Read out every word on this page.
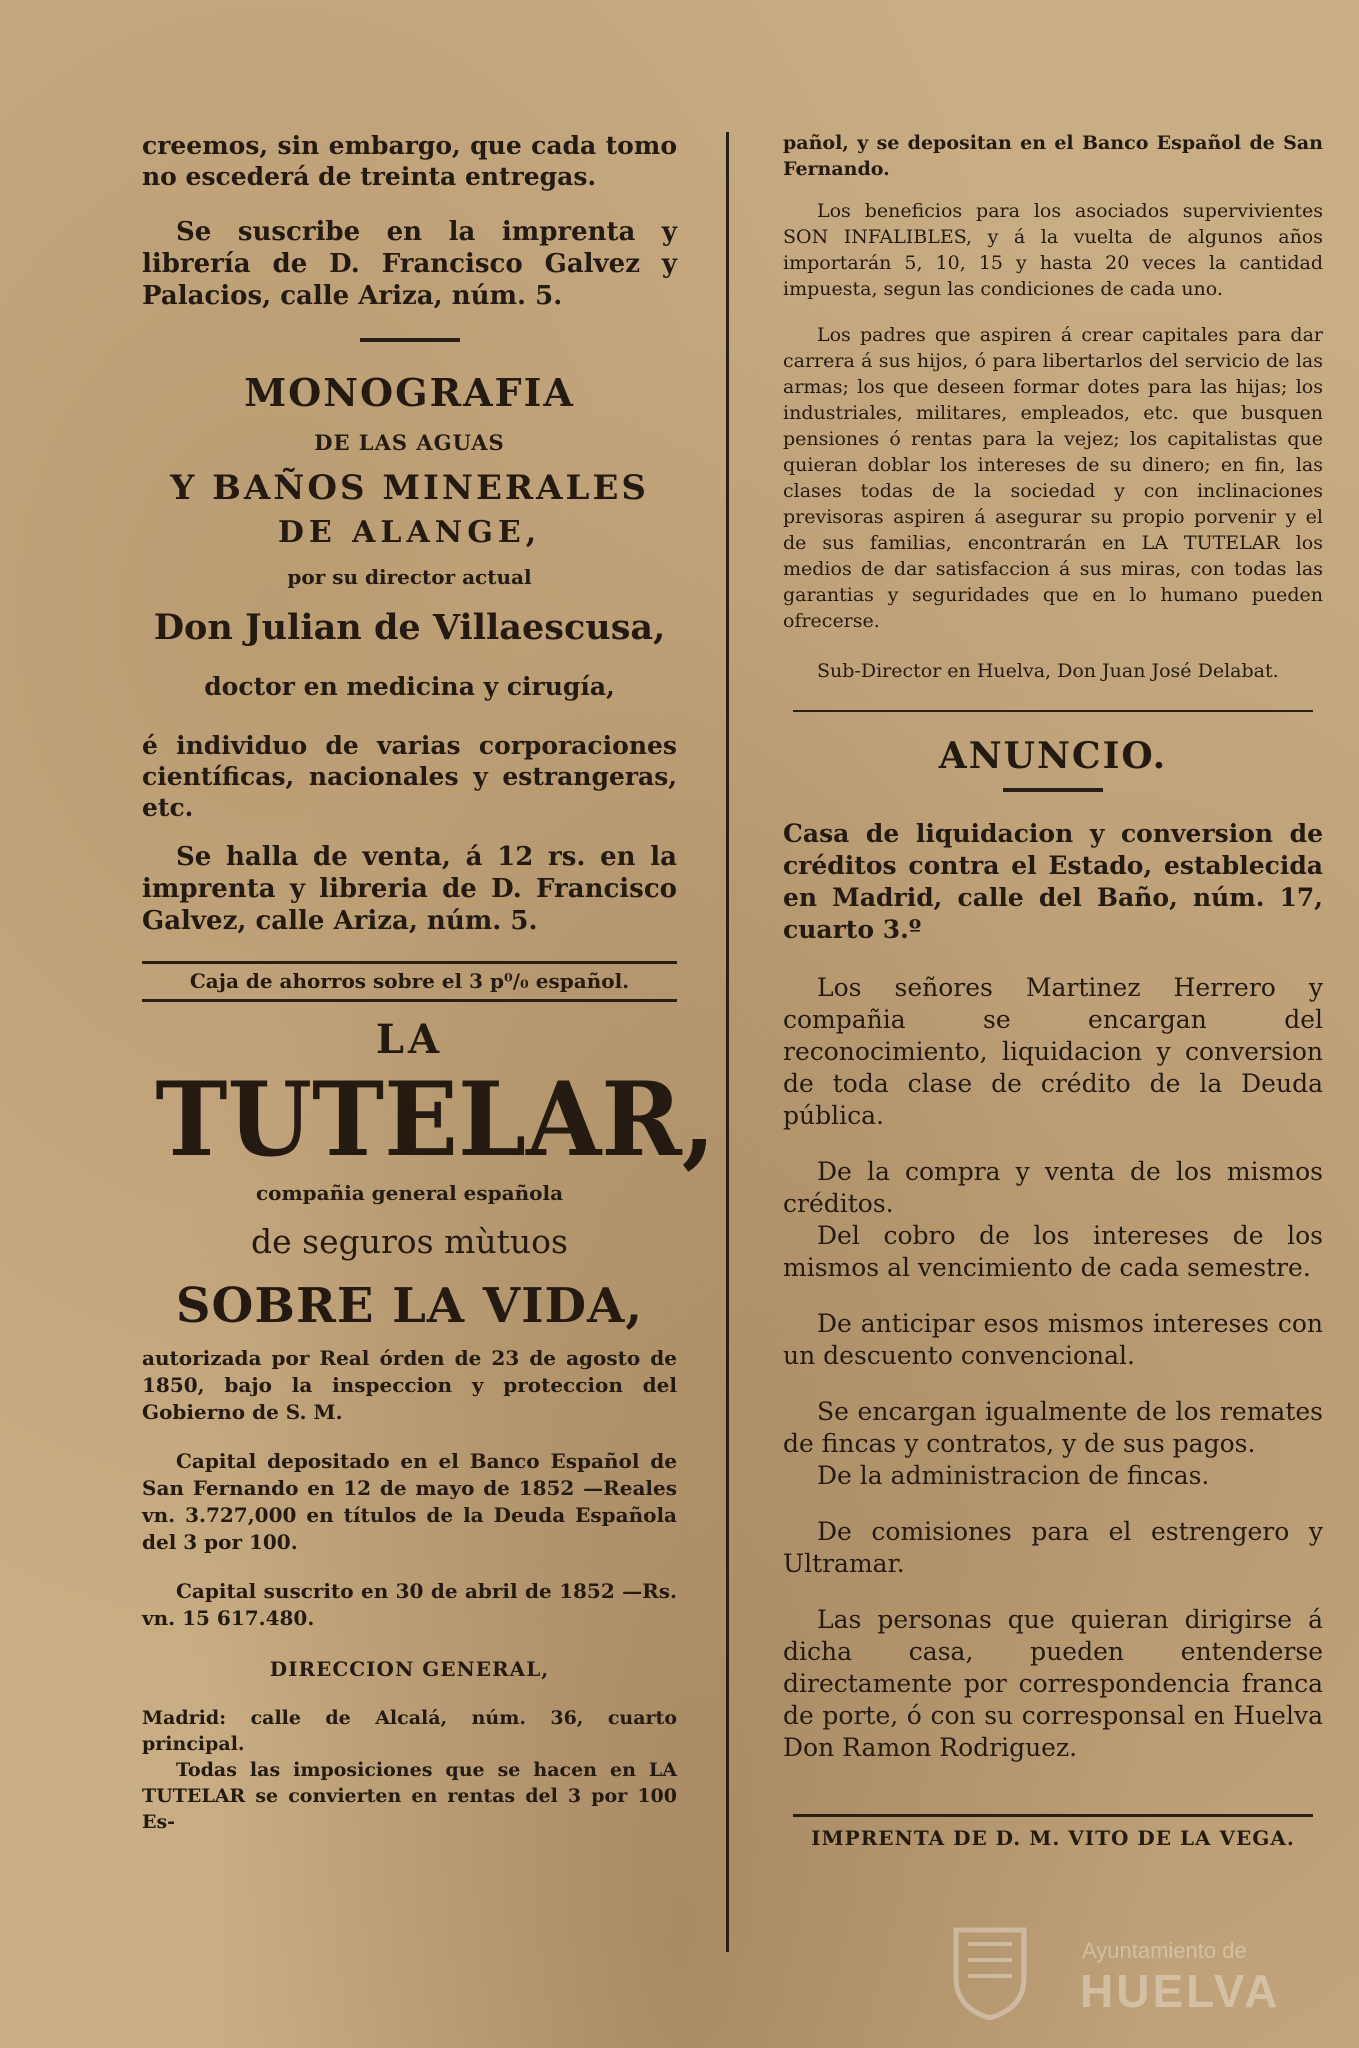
creemos, sin embargo, que cada tomo no escederá de treinta entregas.

Se suscribe en la imprenta y librería de D. Francisco Galvez y Palacios, calle Ariza, núm. 5.

MONOGRAFIA

DE LAS AGUAS

Y BAÑOS MINERALES

DE ALANGE,

por su director actual

Don Julian de Villaescusa,

doctor en medicina y cirugía,

é individuo de varias corporaciones científicas, nacionales y estrangeras, etc.

Se halla de venta, á 12 rs. en la imprenta y libreria de D. Francisco Galvez, calle Ariza, núm. 5.

Caja de ahorros sobre el 3 p⁰/₀ español.

LA

TUTELAR,

compañia general española

de seguros mùtuos

SOBRE LA VIDA,

autorizada por Real órden de 23 de agosto de 1850, bajo la inspeccion y proteccion del Gobierno de S. M.

Capital depositado en el Banco Español de San Fernando en 12 de mayo de 1852 —Reales vn. 3.727,000 en títulos de la Deuda Española del 3 por 100.

Capital suscrito en 30 de abril de 1852 —Rs. vn. 15 617.480.

DIRECCION GENERAL,

Madrid: calle de Alcalá, núm. 36, cuarto principal.

Todas las imposiciones que se hacen en LA TUTELAR se convierten en rentas del 3 por 100 Es-

pañol, y se depositan en el Banco Español de San Fernando.

Los beneficios para los asociados supervivientes SON INFALIBLES, y á la vuelta de algunos años importarán 5, 10, 15 y hasta 20 veces la cantidad impuesta, segun las condiciones de cada uno.

Los padres que aspiren á crear capitales para dar carrera á sus hijos, ó para libertarlos del servicio de las armas; los que deseen formar dotes para las hijas; los industriales, militares, empleados, etc. que busquen pensiones ó rentas para la vejez; los capitalistas que quieran doblar los intereses de su dinero; en fin, las clases todas de la sociedad y con inclinaciones previsoras aspiren á asegurar su propio porvenir y el de sus familias, encontrarán en LA TUTELAR los medios de dar satisfaccion á sus miras, con todas las garantias y seguridades que en lo humano pueden ofrecerse.

Sub-Director en Huelva, Don Juan José Delabat.

ANUNCIO.

Casa de liquidacion y conversion de créditos contra el Estado, establecida en Madrid, calle del Baño, núm. 17, cuarto 3.º

Los señores Martinez Herrero y compañia se encargan del reconocimiento, liquidacion y conversion de toda clase de crédito de la Deuda pública.

De la compra y venta de los mismos créditos.

Del cobro de los intereses de los mismos al vencimiento de cada semestre.

De anticipar esos mismos intereses con un descuento convencional.

Se encargan igualmente de los remates de fincas y contratos, y de sus pagos.

De la administracion de fincas.

De comisiones para el estrengero y Ultramar.

Las personas que quieran dirigirse á dicha casa, pueden entenderse directamente por correspondencia franca de porte, ó con su corresponsal en Huelva Don Ramon Rodriguez.

IMPRENTA DE D. M. VITO DE LA VEGA.

Ayuntamiento de
HUELVA
